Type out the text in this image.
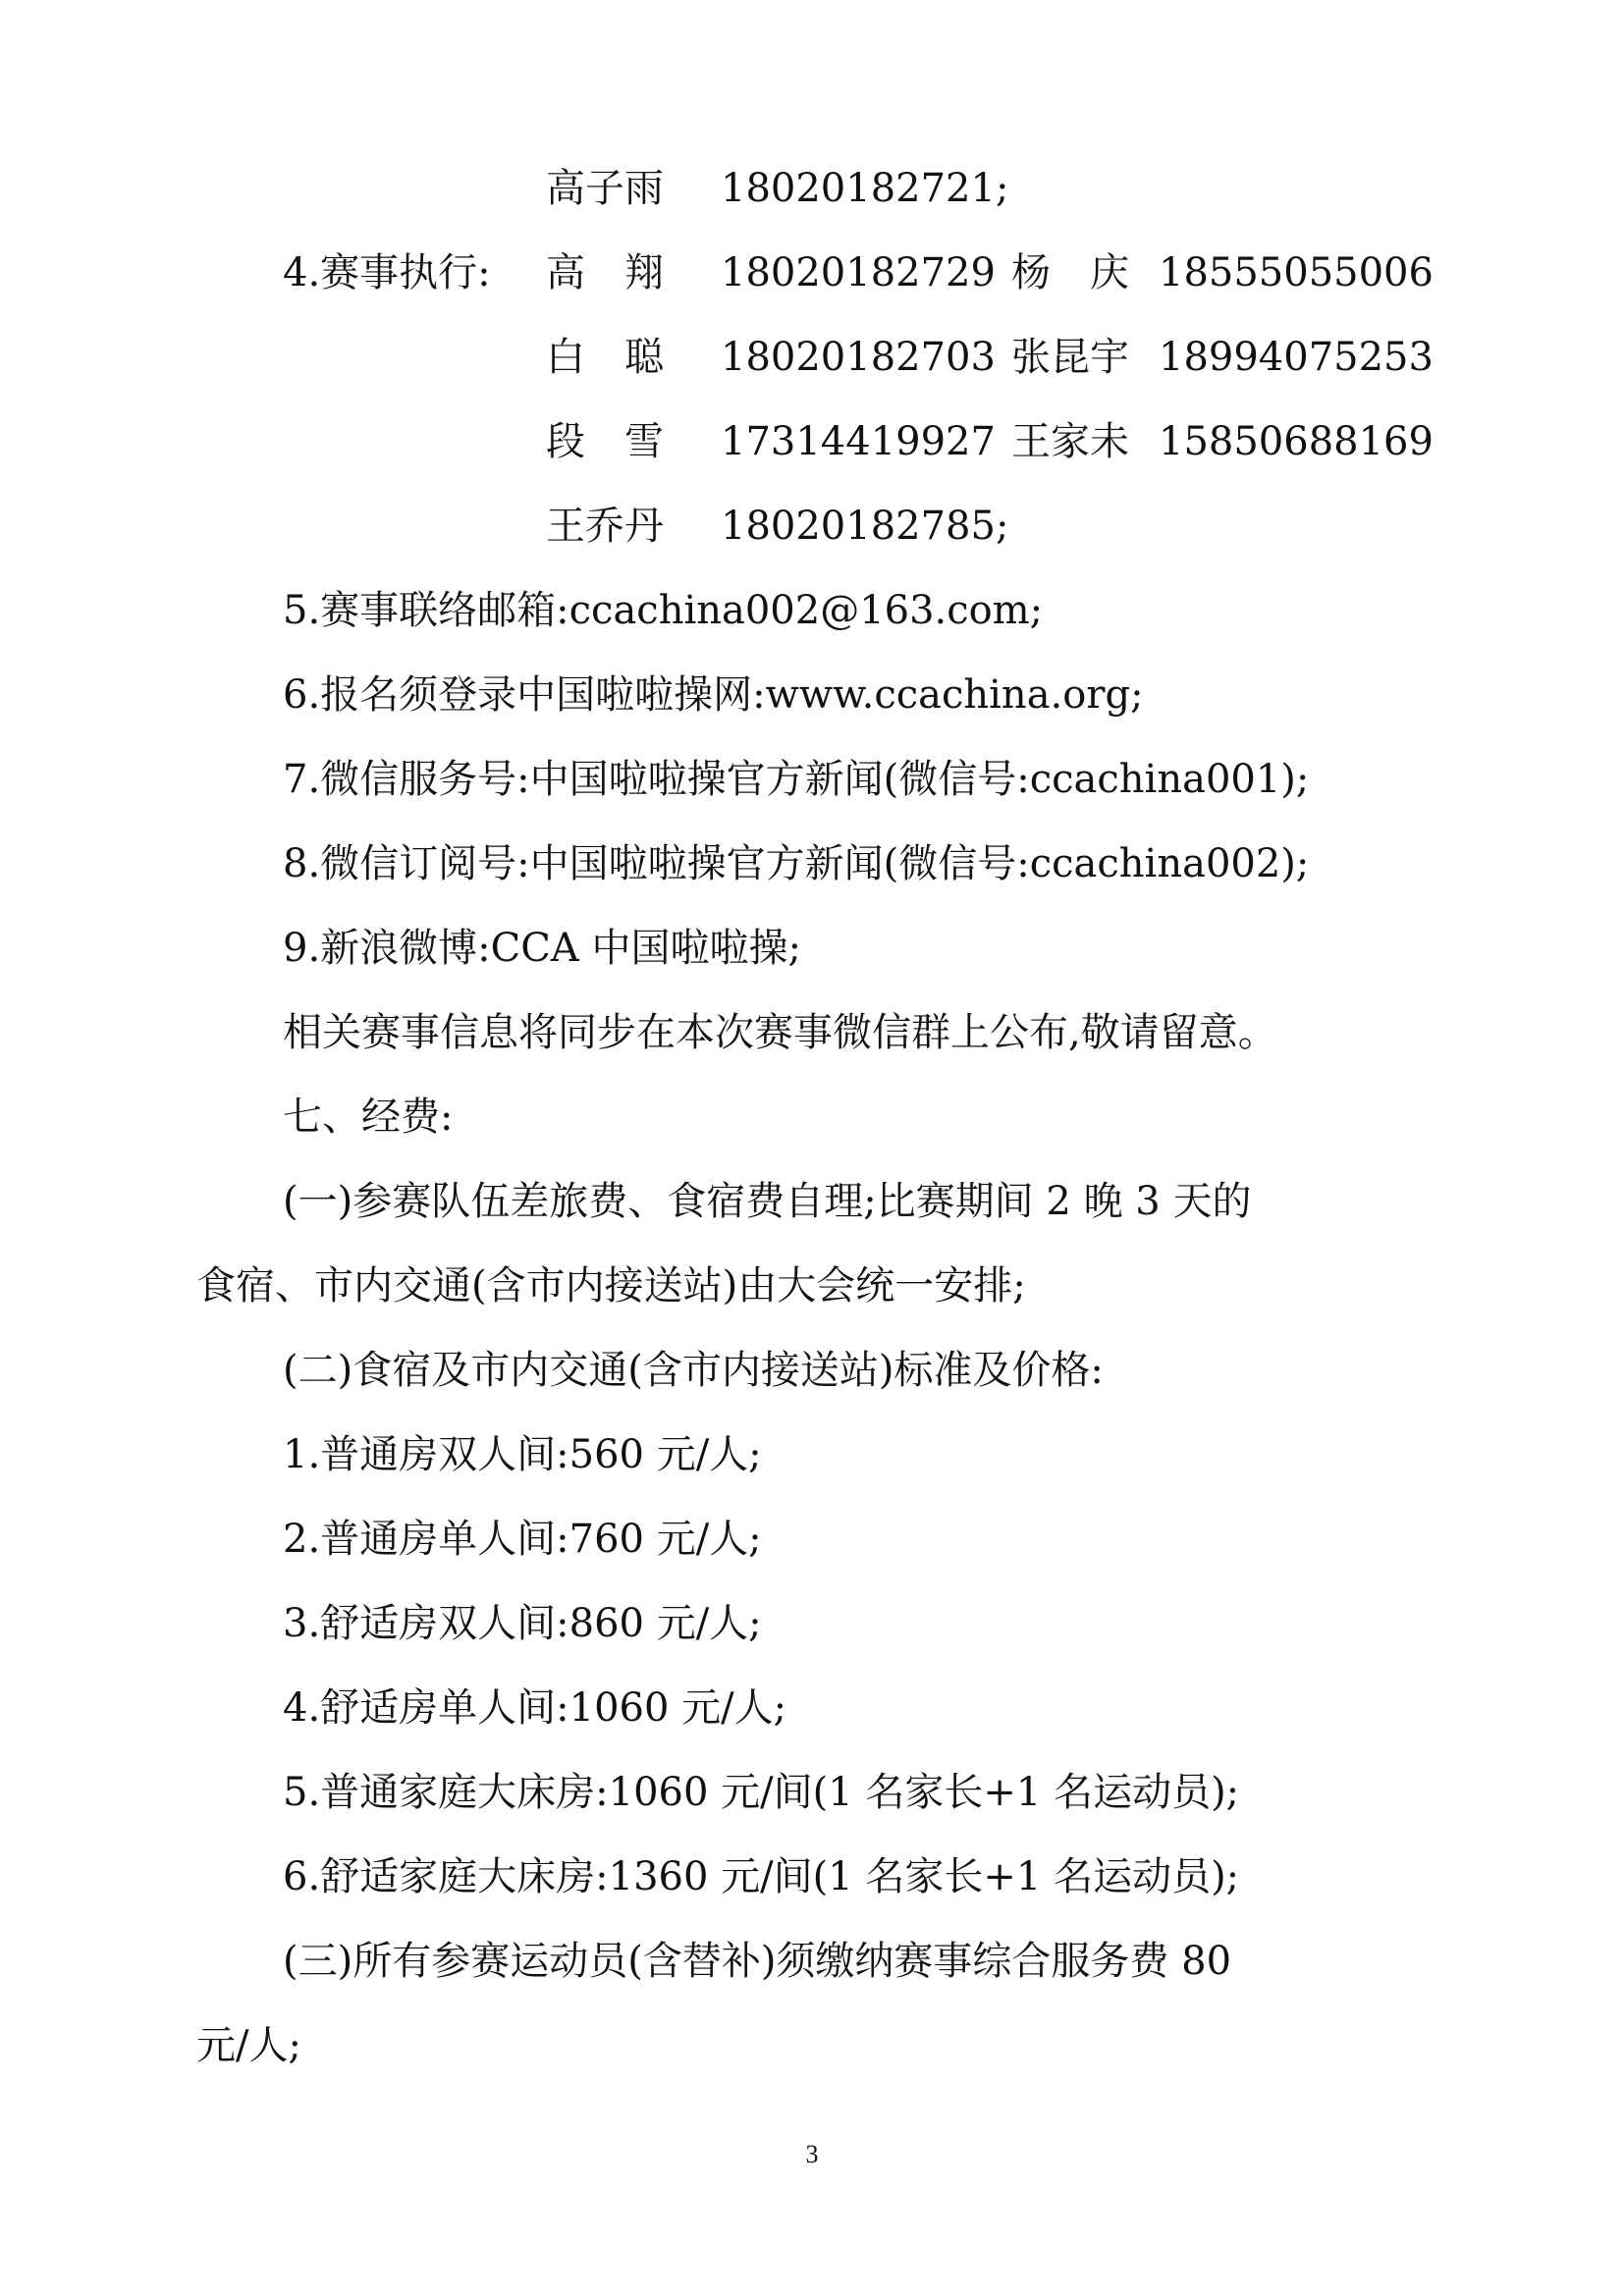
高子雨	18020182721;
4.赛事执行: 高　翔	18020182729 杨　庆 18555055006
白　聪	18020182703 张昆宇 18994075253
段　雪	17314419927 王家未 15850688169
王乔丹	18020182785;
5.赛事联络邮箱:ccachina002@163.com;
6.报名须登录中国啦啦操网:www.ccachina.org;
7.微信服务号:中国啦啦操官方新闻(微信号:ccachina001);
8.微信订阅号:中国啦啦操官方新闻(微信号:ccachina002);
9.新浪微博:CCA 中国啦啦操;
相关赛事信息将同步在本次赛事微信群上公布,敬请留意。
七、经费:
(一)参赛队伍差旅费、食宿费自理;比赛期间 2 晚 3 天的
食宿、市内交通(含市内接送站)由大会统一安排;
(二)食宿及市内交通(含市内接送站)标准及价格:
1.普通房双人间:560 元/人;
2.普通房单人间:760 元/人;
3.舒适房双人间:860 元/人;
4.舒适房单人间:1060 元/人;
5.普通家庭大床房:1060 元/间(1 名家长+1 名运动员);
6.舒适家庭大床房:1360 元/间(1 名家长+1 名运动员);
(三)所有参赛运动员(含替补)须缴纳赛事综合服务费 80
元/人;
3
